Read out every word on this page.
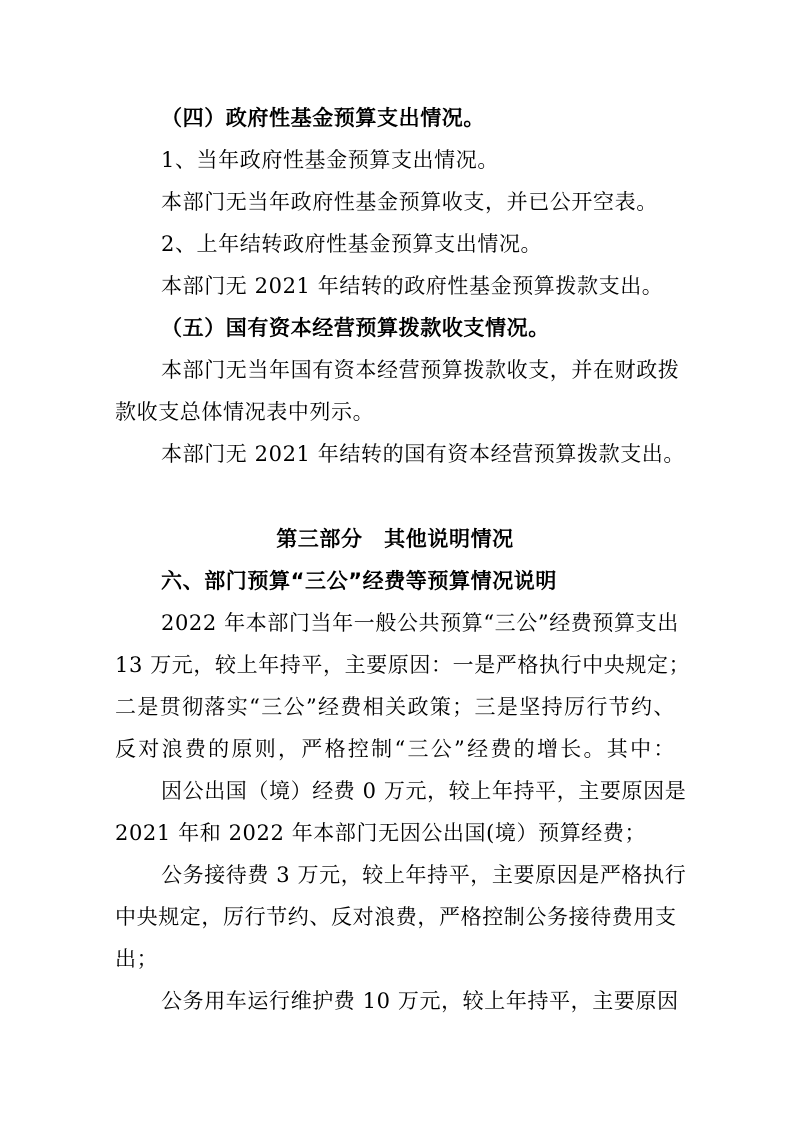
（四）政府性基金预算支出情况。
1、当年政府性基金预算支出情况。
本部门无当年政府性基金预算收支，并已公开空表。
2、上年结转政府性基金预算支出情况。
本部门无 2021 年结转的政府性基金预算拨款支出。
（五）国有资本经营预算拨款收支情况。
本部门无当年国有资本经营预算拨款收支，并在财政拨
款收支总体情况表中列示。
本部门无 2021 年结转的国有资本经营预算拨款支出。
第三部分　其他说明情况
六、部门预算“三公”经费等预算情况说明
2022 年本部门当年一般公共预算“三公”经费预算支出
13 万元，较上年持平，主要原因：一是严格执行中央规定；
二是贯彻落实“三公”经费相关政策；三是坚持厉行节约、
反对浪费的原则，严格控制“三公”经费的增长。其中：
因公出国（境）经费 0 万元，较上年持平，主要原因是
2021 年和 2022 年本部门无因公出国(境）预算经费；
公务接待费 3 万元，较上年持平，主要原因是严格执行
中央规定，厉行节约、反对浪费，严格控制公务接待费用支
出；
公务用车运行维护费 10 万元，较上年持平，主要原因
